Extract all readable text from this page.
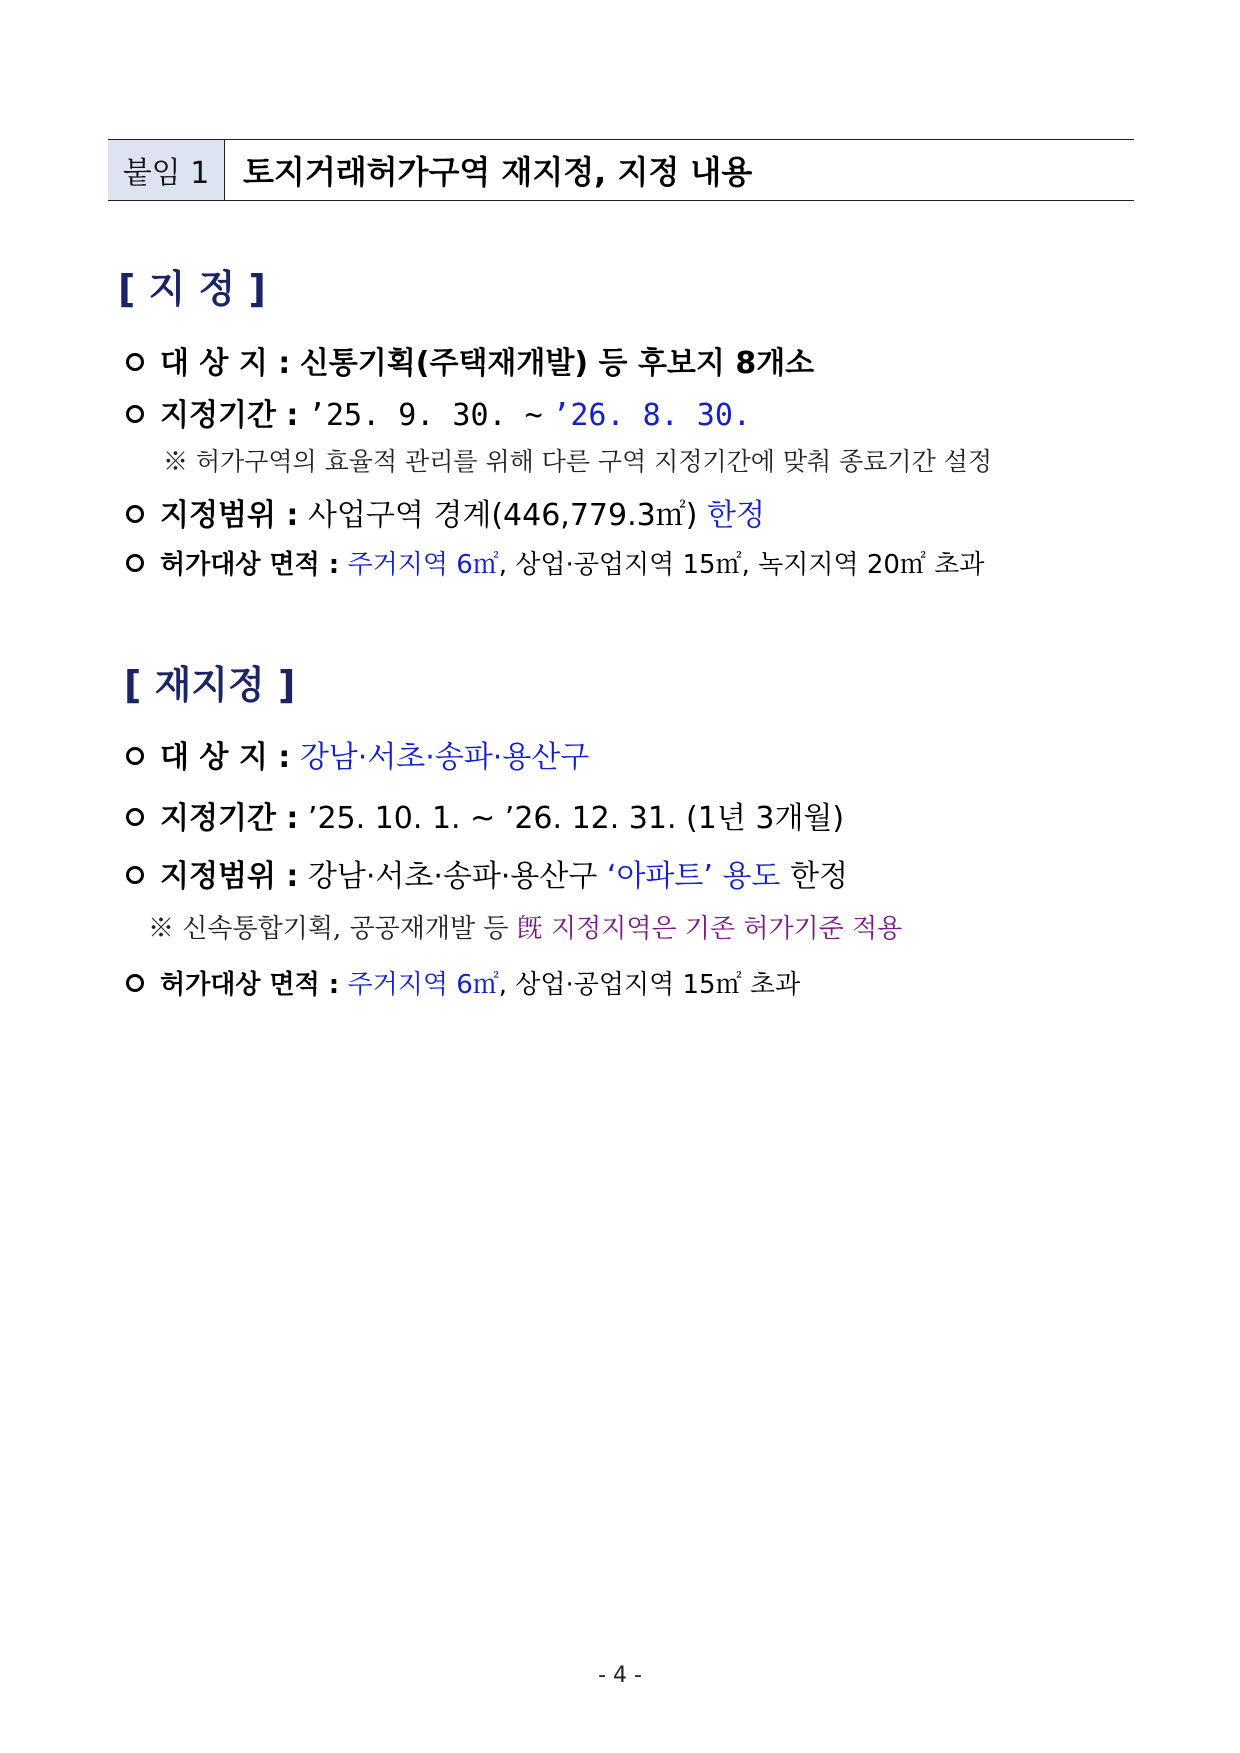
붙임 1	토지거래허가구역 재지정, 지정 내용
[ 지 정 ]
대 상 지 : 신통기획(주택재개발) 등 후보지 8개소
지정기간 : ’25. 9. 30. ~ ’26. 8. 30.
※ 허가구역의 효율적 관리를 위해 다른 구역 지정기간에 맞춰 종료기간 설정
지정범위 : 사업구역 경계(446,779.3㎡) 한정
허가대상 면적 : 주거지역 6㎡, 상업·공업지역 15㎡, 녹지지역 20㎡ 초과
[ 재지정 ]
대 상 지 : 강남·서초·송파·용산구
지정기간 : ’25. 10. 1. ~ ’26. 12. 31. (1년 3개월)
지정범위 : 강남·서초·송파·용산구 ‘아파트’ 용도 한정
※ 신속통합기획, 공공재개발 등 旣 지정지역은 기존 허가기준 적용
허가대상 면적 : 주거지역 6㎡, 상업·공업지역 15㎡ 초과
- 4 -
